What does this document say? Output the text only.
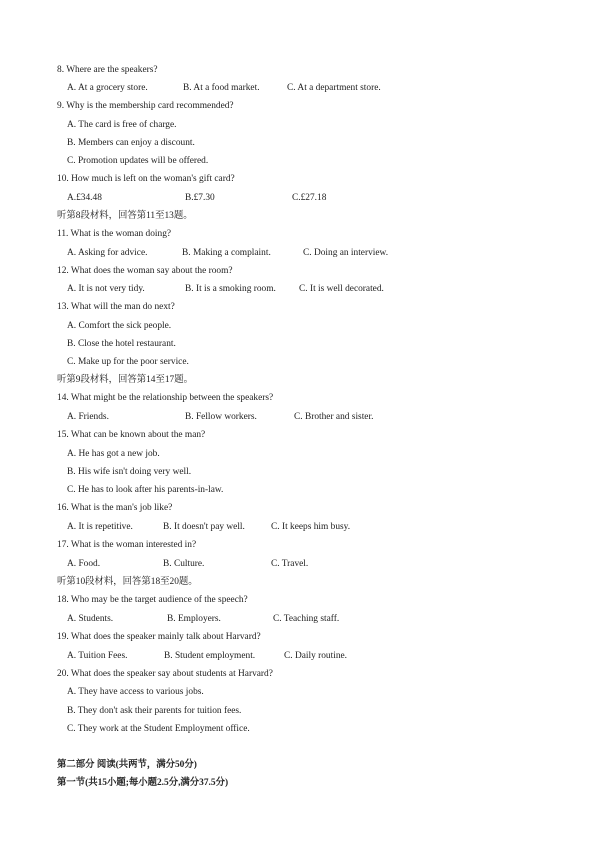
8. Where are the speakers?
A. At a grocery store.	B. At a food market.	C. At a department store.
9. Why is the membership card recommended?
A. The card is free of charge.
B. Members can enjoy a discount.
C. Promotion updates will be offered.
10. How much is left on the woman's gift card?
A.£34.48	B.£7.30	C.£27.18
听第8段材料，回答第11至13题。
11. What is the woman doing?
A. Asking for advice.	B. Making a complaint.	C. Doing an interview.
12. What does the woman say about the room?
A. It is not very tidy.	B. It is a smoking room. C. It is well decorated.
13. What will the man do next?
A. Comfort the sick people.
B. Close the hotel restaurant.
C. Make up for the poor service.
听第9段材料，回答第14至17题。
14. What might be the relationship between the speakers?
A. Friends.	B. Fellow workers.	C. Brother and sister.
15. What can be known about the man?
A. He has got a new job.
B. His wife isn't doing very well.
C. He has to look after his parents-in-law.
16. What is the man's job like?
A. It is repetitive.	B. It doesn't pay well.	C. It keeps him busy.
17. What is the woman interested in?
A. Food.	B. Culture.	C. Travel.
听第10段材料，回答第18至20题。
18. Who may be the target audience of the speech?
A. Students.	B. Employers.	C. Teaching staff.
19. What does the speaker mainly talk about Harvard?
A. Tuition Fees.	B. Student employment.	C. Daily routine.
20. What does the speaker say about students at Harvard?
A. They have access to various jobs.
B. They don't ask their parents for tuition fees.
C. They work at the Student Employment office.
第二部分 阅读(共两节，满分50分)
第一节(共15小题;每小题2.5分,满分37.5分)
